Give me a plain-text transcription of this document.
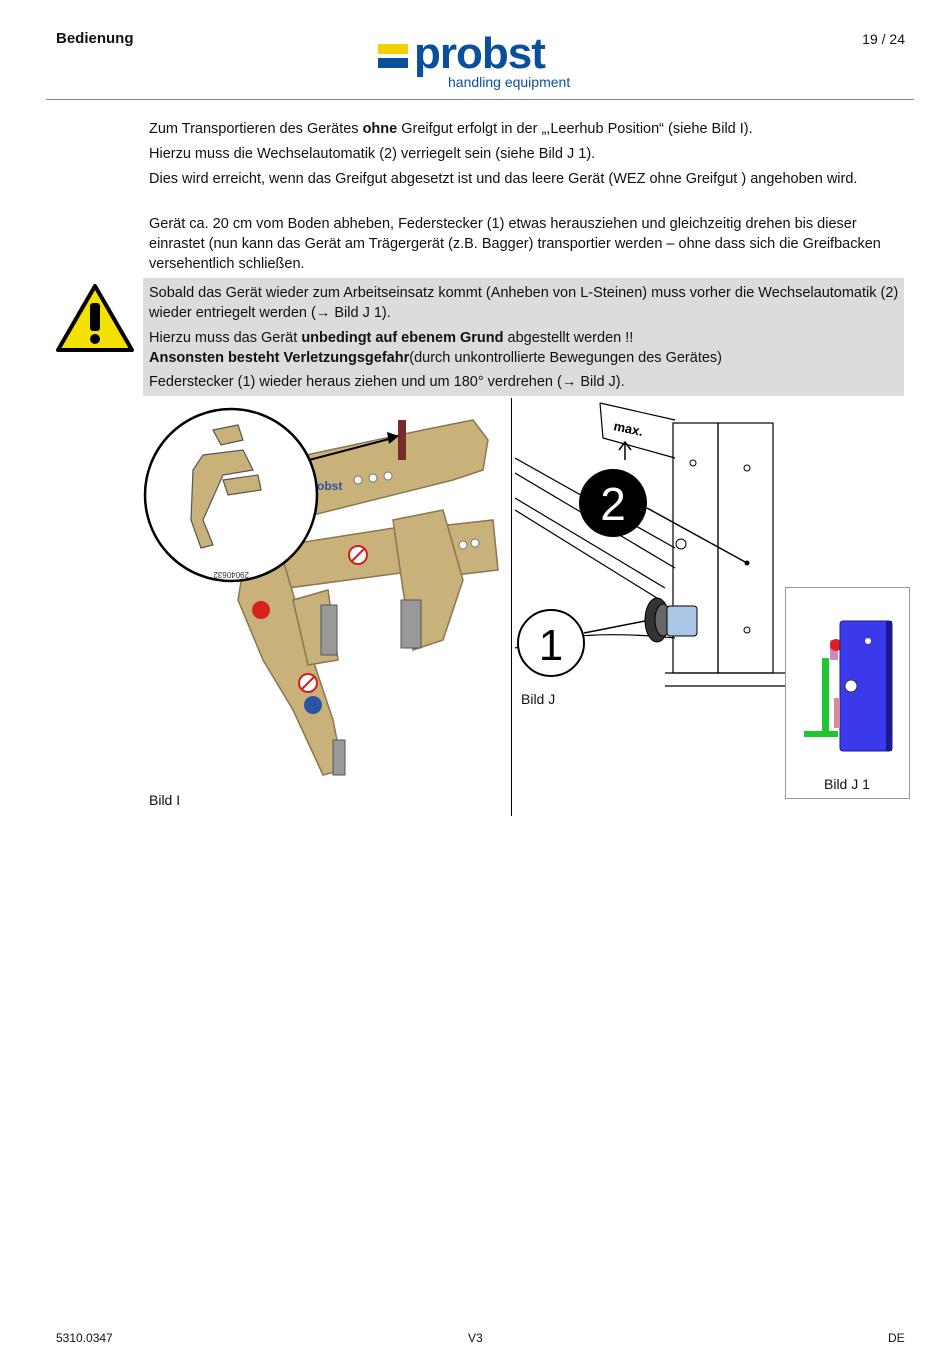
Bedienung	probst
handling equipment
19 / 24
Zum Transportieren des Gerätes ohne Greifgut erfolgt in der „,Leerhub Position“ (siehe Bild I).
Hierzu muss die Wechselautomatik (2) verriegelt sein (siehe Bild J 1).
Dies wird erreicht, wenn das Greifgut abgesetzt ist und das leere Gerät (WEZ ohne Greifgut ) angehoben wird.
Gerät ca. 20 cm vom Boden abheben, Federstecker (1) etwas herausziehen und gleichzeitig drehen bis dieser einrastet (nun kann das Gerät am Trägergerät (z.B. Bagger) transportier werden – ohne dass sich die Greifbacken versehentlich schließen.
Sobald das Gerät wieder zum Arbeitseinsatz kommt (Anheben von L-Steinen) muss vorher die Wechselautomatik (2) wieder entriegelt werden (→ Bild J 1).
Hierzu muss das Gerät unbedingt auf ebenem Grund abgestellt werden !!
Ansonsten besteht Verletzungsgefahr(durch unkontrollierte Bewegungen des Gerätes)
Federstecker (1) wieder heraus ziehen und um 180° verdrehen (→ Bild J).
obst
29040632
Bild I
max.
2
1
Bild J
Bild J 1
5310.0347	V3	DE
